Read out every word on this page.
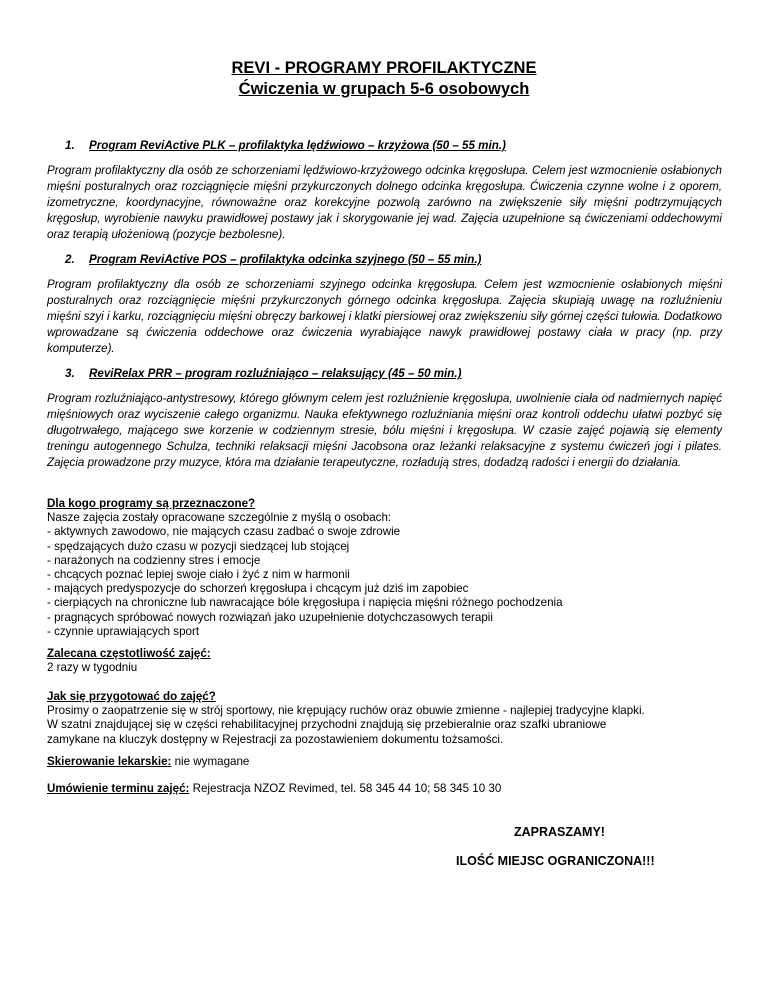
REVI - PROGRAMY PROFILAKTYCZNE
Ćwiczenia w grupach 5-6 osobowych
1. Program ReviActive PLK – profilaktyka lędźwiowo – krzyżowa (50 – 55 min.)

Program profilaktyczny dla osób ze schorzeniami lędźwiowo-krzyżowego odcinka kręgosłupa. Celem jest wzmocnienie osłabionych mięśni posturalnych oraz rozciągnięcie mięśni przykurczonych dolnego odcinka kręgosłupa. Ćwiczenia czynne wolne i z oporem, izometryczne, koordynacyjne, równoważne oraz korekcyjne pozwolą zarówno na zwiększenie siły mięśni podtrzymujących kręgosłup, wyrobienie nawyku prawidłowej postawy jak i skorygowanie jej wad. Zajęcia uzupełnione są ćwiczeniami oddechowymi oraz terapią ułożeniową (pozycje bezbolesne).

2. Program ReviActive POS – profilaktyka odcinka szyjnego (50 – 55 min.)

Program profilaktyczny dla osób ze schorzeniami szyjnego odcinka kręgosłupa. Celem jest wzmocnienie osłabionych mięśni posturalnych oraz rozciągnięcie mięśni przykurczonych górnego odcinka kręgosłupa. Zajęcia skupiają uwagę na rozluźnieniu mięśni szyi i karku, rozciągnięciu mięśni obręczy barkowej i klatki piersiowej oraz zwiększeniu siły górnej części tułowia. Dodatkowo wprowadzane są ćwiczenia oddechowe oraz ćwiczenia wyrabiające nawyk prawidłowej postawy ciała w pracy (np. przy komputerze).

3. ReviRelax PRR – program rozluźniająco – relaksujący (45 – 50 min.)

Program rozluźniająco-antystresowy, którego głównym celem jest rozluźnienie kręgosłupa, uwolnienie ciała od nadmiernych napięć mięśniowych oraz wyciszenie całego organizmu. Nauka efektywnego rozluźniania mięśni oraz kontroli oddechu ułatwi pozbyć się długotrwałego, mającego swe korzenie w codziennym stresie, bólu mięśni i kręgosłupa. W czasie zajęć pojawią się elementy treningu autogennego Schulza, techniki relaksacji mięśni Jacobsona oraz leżanki relaksacyjne z systemu ćwiczeń jogi i pilates. Zajęcia prowadzone przy muzyce, która ma działanie terapeutyczne, rozładują stres, dodadzą radości i energii do działania.

Dla kogo programy są przeznaczone?
Nasze zajęcia zostały opracowane szczególnie z myślą o osobach:
- aktywnych zawodowo, nie mających czasu zadbać o swoje zdrowie
- spędzających dużo czasu w pozycji siedzącej lub stojącej
- narażonych na codzienny stres i emocje
- chcących poznać lepiej swoje ciało i żyć z nim w harmonii
- mających predyspozycje do schorzeń kręgosłupa i chcącym już dziś im zapobiec
- cierpiących na chroniczne lub nawracające bóle kręgosłupa i napięcia mięśni różnego pochodzenia
- pragnących spróbować nowych rozwiązań jako uzupełnienie dotychczasowych terapii
- czynnie uprawiających sport
Zalecana częstotliwość zajęć:
2 razy w tygodniu
Jak się przygotować do zajęć?
Prosimy o zaopatrzenie się w strój sportowy, nie krępujący ruchów oraz obuwie zmienne - najlepiej tradycyjne klapki.
W szatni znajdującej się w części rehabilitacyjnej przychodni znajdują się przebieralnie oraz szafki ubraniowe
zamykane na kluczyk dostępny w Rejestracji za pozostawieniem dokumentu tożsamości.
Skierowanie lekarskie: nie wymagane
Umówienie terminu zajęć: Rejestracja NZOZ Revimed, tel. 58 345 44 10; 58 345 10 30

ZAPRASZAMY!

ILOŚĆ MIEJSC OGRANICZONA!!!
